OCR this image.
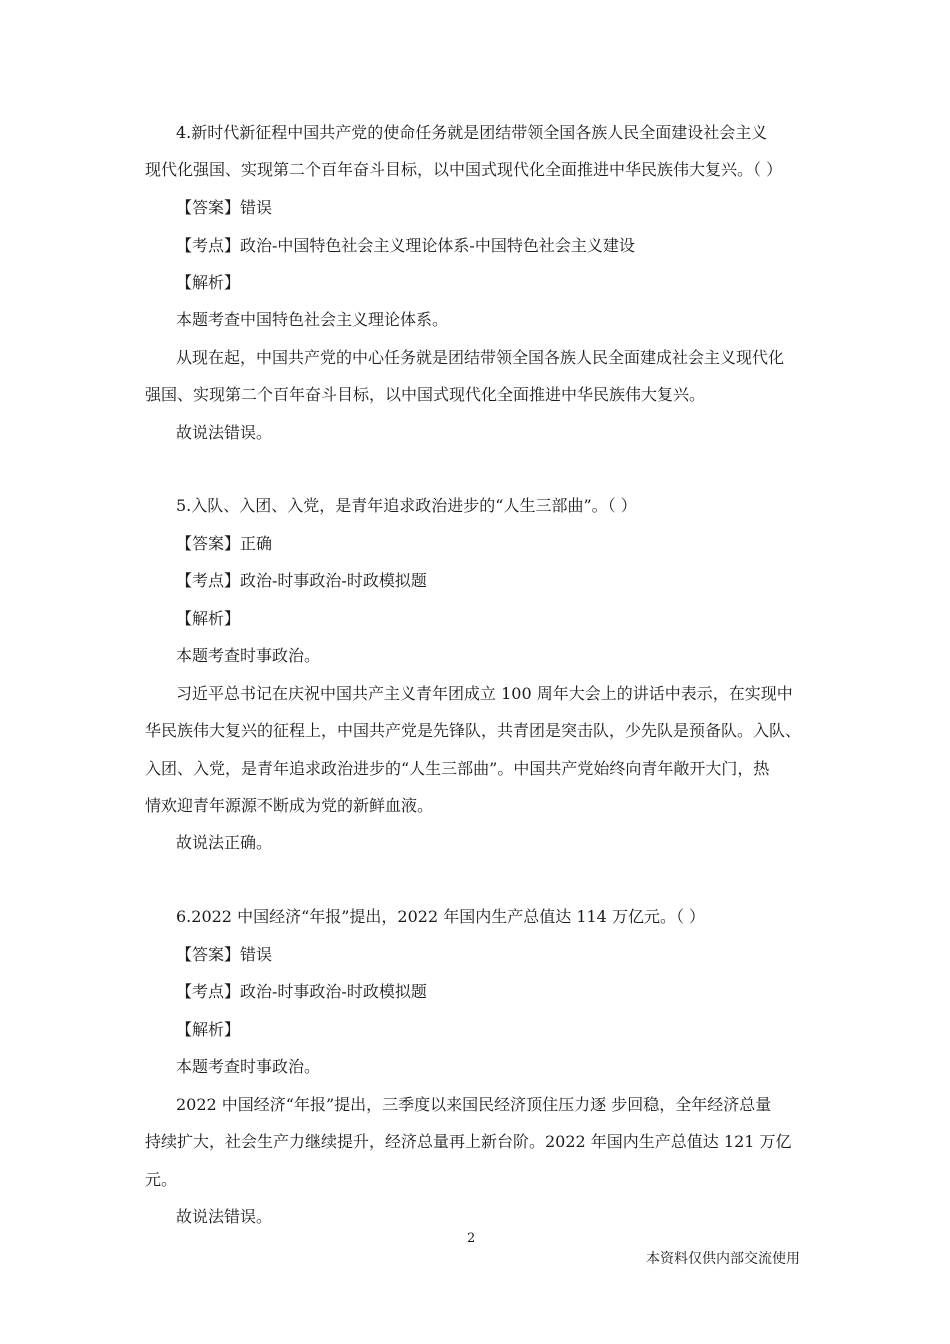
4.新时代新征程中国共产党的使命任务就是团结带领全国各族人民全面建设社会主义
现代化强国、实现第二个百年奋斗目标，以中国式现代化全面推进中华民族伟大复兴。（ ）
【答案】错误
【考点】政治-中国特色社会主义理论体系-中国特色社会主义建设
【解析】
本题考查中国特色社会主义理论体系。
从现在起，中国共产党的中心任务就是团结带领全国各族人民全面建成社会主义现代化
强国、实现第二个百年奋斗目标，以中国式现代化全面推进中华民族伟大复兴。
故说法错误。
5.入队、入团、入党，是青年追求政治进步的“人生三部曲”。（ ）
【答案】正确
【考点】政治-时事政治-时政模拟题
【解析】
本题考查时事政治。
习近平总书记在庆祝中国共产主义青年团成立 100 周年大会上的讲话中表示，在实现中
华民族伟大复兴的征程上，中国共产党是先锋队，共青团是突击队，少先队是预备队。入队、
入团、入党，是青年追求政治进步的“人生三部曲”。中国共产党始终向青年敞开大门，热
情欢迎青年源源不断成为党的新鲜血液。
故说法正确。
6.2022 中国经济“年报”提出，2022 年国内生产总值达 114 万亿元。（ ）
【答案】错误
【考点】政治-时事政治-时政模拟题
【解析】
本题考查时事政治。
2022 中国经济“年报”提出，三季度以来国民经济顶住压力逐 步回稳，全年经济总量
持续扩大，社会生产力继续提升，经济总量再上新台阶。2022 年国内生产总值达 121 万亿
元。
故说法错误。
2
本资料仅供内部交流使用
